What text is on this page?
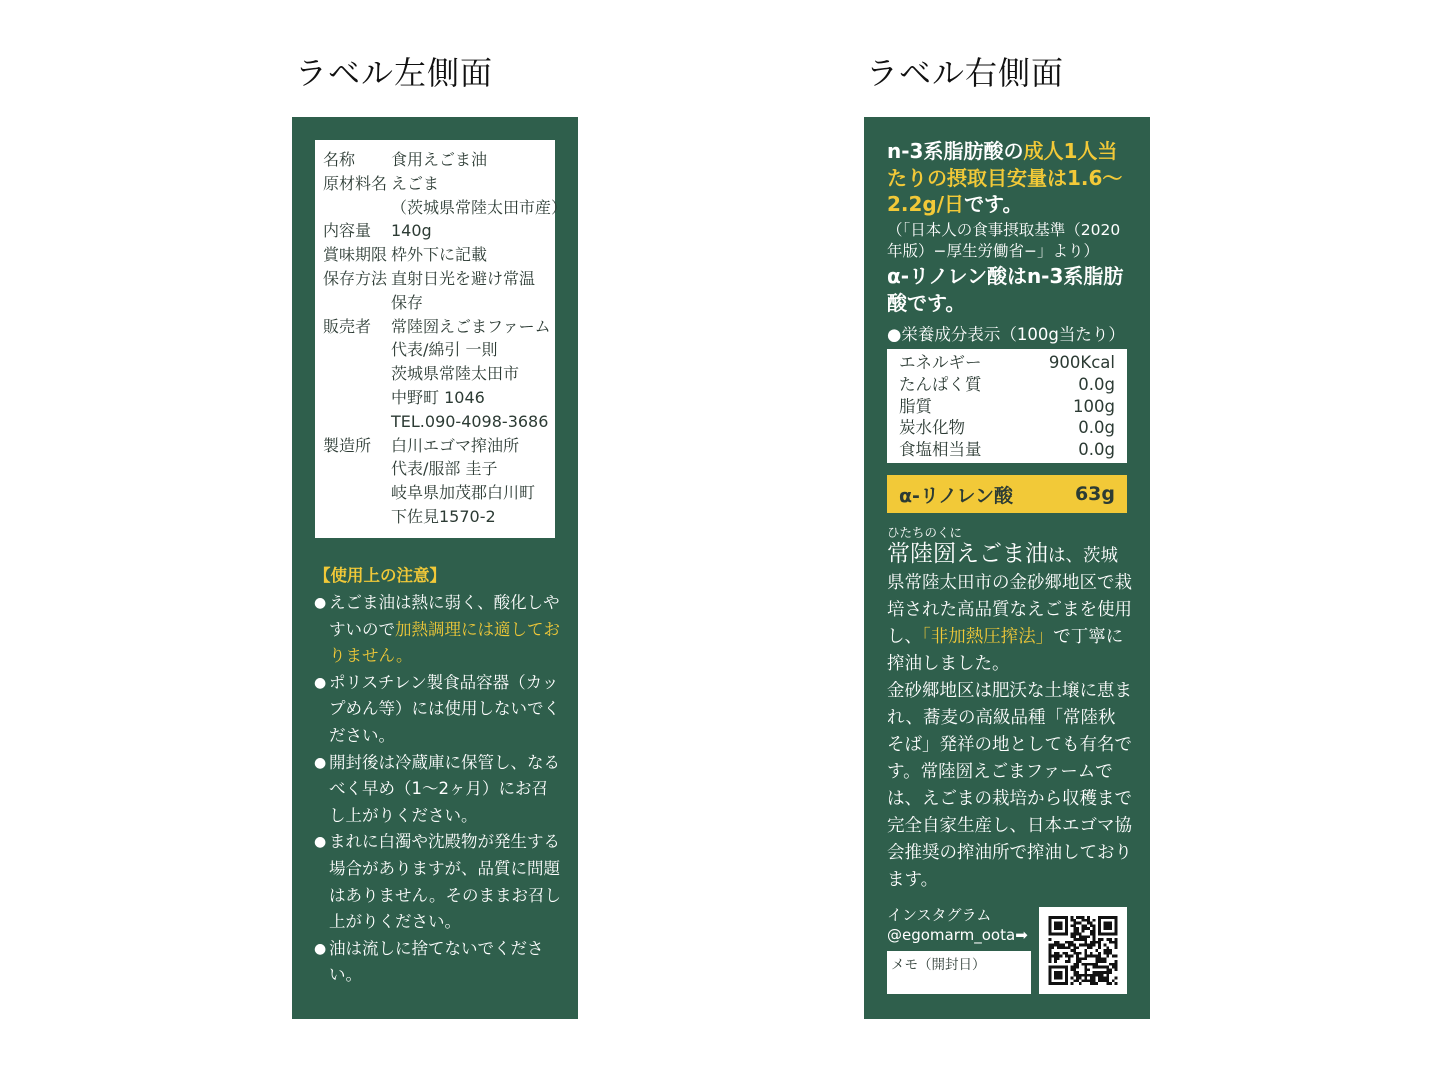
ラベル左側面
名称	食用えごま油
原材料名 えごま
（茨城県常陸太田市産）
内容量	140g
賞味期限 枠外下に記載
保存方法 直射日光を避け常温
保存
販売者	常陸圀えごまファーム
代表/綿引 一則
茨城県常陸太田市
中野町 1046
TEL.090-4098-3686
製造所	白川エゴマ搾油所
代表/服部 圭子
岐阜県加茂郡白川町
下佐見1570-2
【使用上の注意】
● えごま油は熱に弱く、酸化しやすいので加熱調理には適しておりません。
● ポリスチレン製食品容器（カップめん等）には使用しないでください。
● 開封後は冷蔵庫に保管し、なるべく早め（1〜2ヶ月）にお召し上がりください。
● まれに白濁や沈殿物が発生する場合がありますが、品質に問題はありません。そのままお召し上がりください。
● 油は流しに捨てないでください。
ラベル右側面
n-3系脂肪酸の成人1人当たりの摂取目安量は1.6〜2.2g/日です。
（「日本人の食事摂取基準（2020年版）−厚生労働省−」より）
α-リノレン酸はn-3系脂肪酸です。
●栄養成分表示（100g当たり）
エネルギー	900Kcal
たんぱく質	0.0g
脂質	100g
炭水化物	0.0g
食塩相当量	0.0g
α-リノレン酸	63g
ひたちのくに
常陸圀えごま油は、茨城県常陸太田市の金砂郷地区で栽培された高品質なえごまを使用し、「非加熱圧搾法」で丁寧に搾油しました。
金砂郷地区は肥沃な土壌に恵まれ、蕎麦の高級品種「常陸秋そば」発祥の地としても有名です。常陸圀えごまファームでは、えごまの栽培から収穫まで完全自家生産し、日本エゴマ協会推奨の搾油所で搾油しております。
インスタグラム
@egomarm_oota➡
メモ（開封日）
